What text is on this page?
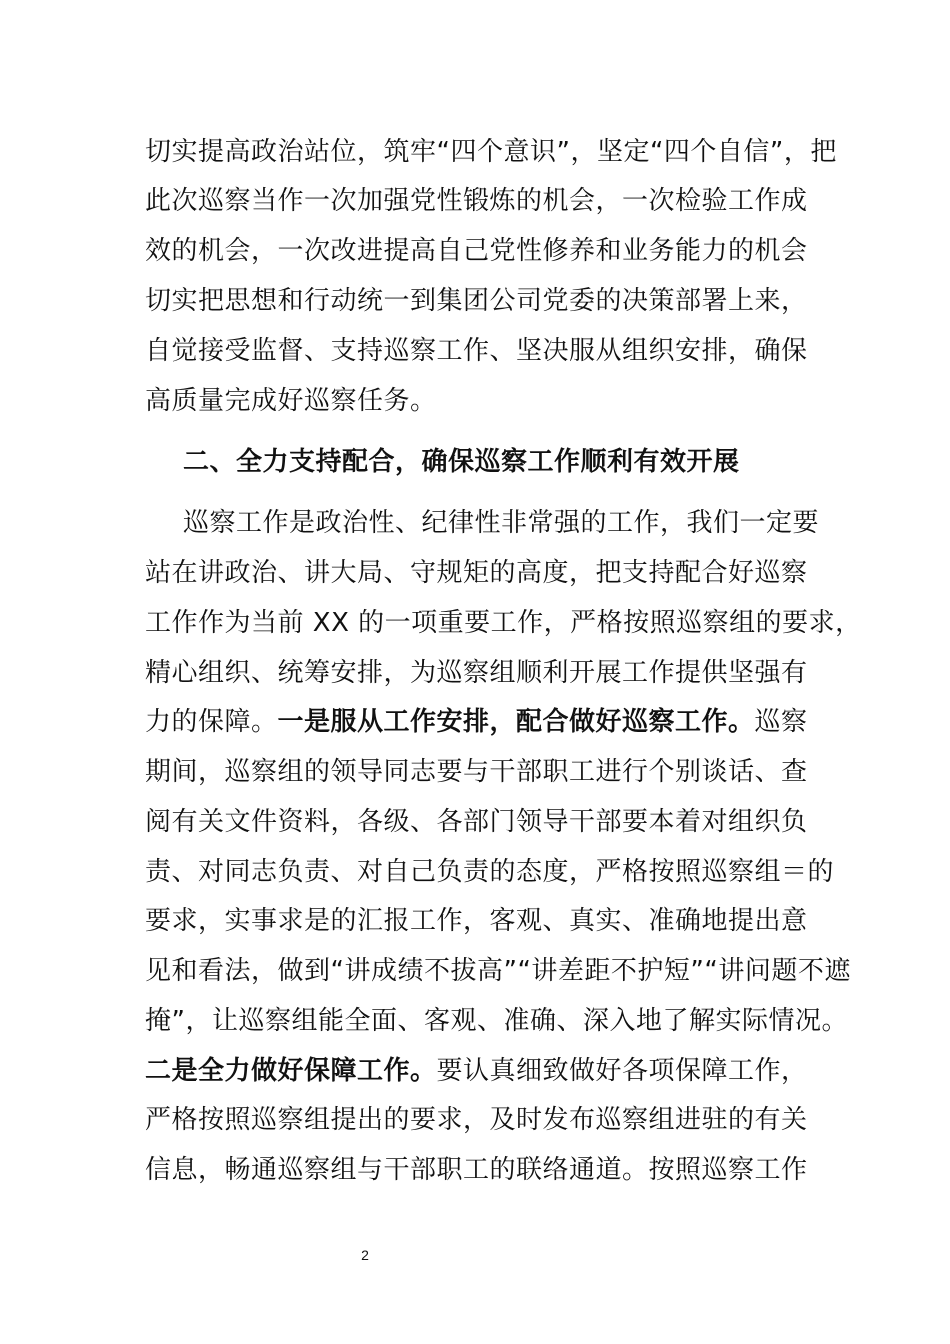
切实提高政治站位，筑牢“四个意识”，坚定“四个自信”，把
此次巡察当作一次加强党性锻炼的机会，一次检验工作成
效的机会，一次改进提高自己党性修养和业务能力的机会
切实把思想和行动统一到集团公司党委的决策部署上来，
自觉接受监督、支持巡察工作、坚决服从组织安排，确保
高质量完成好巡察任务。
二、全力支持配合，确保巡察工作顺利有效开展
巡察工作是政治性、纪律性非常强的工作，我们一定要
站在讲政治、讲大局、守规矩的高度，把支持配合好巡察
工作作为当前 XX 的一项重要工作，严格按照巡察组的要求，
精心组织、统筹安排，为巡察组顺利开展工作提供坚强有
力的保障。一是服从工作安排，配合做好巡察工作。巡察
期间，巡察组的领导同志要与干部职工进行个别谈话、查
阅有关文件资料，各级、各部门领导干部要本着对组织负
责、对同志负责、对自己负责的态度，严格按照巡察组＝的
要求，实事求是的汇报工作，客观、真实、准确地提出意
见和看法，做到“讲成绩不拔高”“讲差距不护短”“讲问题不遮
掩”，让巡察组能全面、客观、准确、深入地了解实际情况。
二是全力做好保障工作。要认真细致做好各项保障工作，
严格按照巡察组提出的要求，及时发布巡察组进驻的有关
信息，畅通巡察组与干部职工的联络通道。按照巡察工作
2
